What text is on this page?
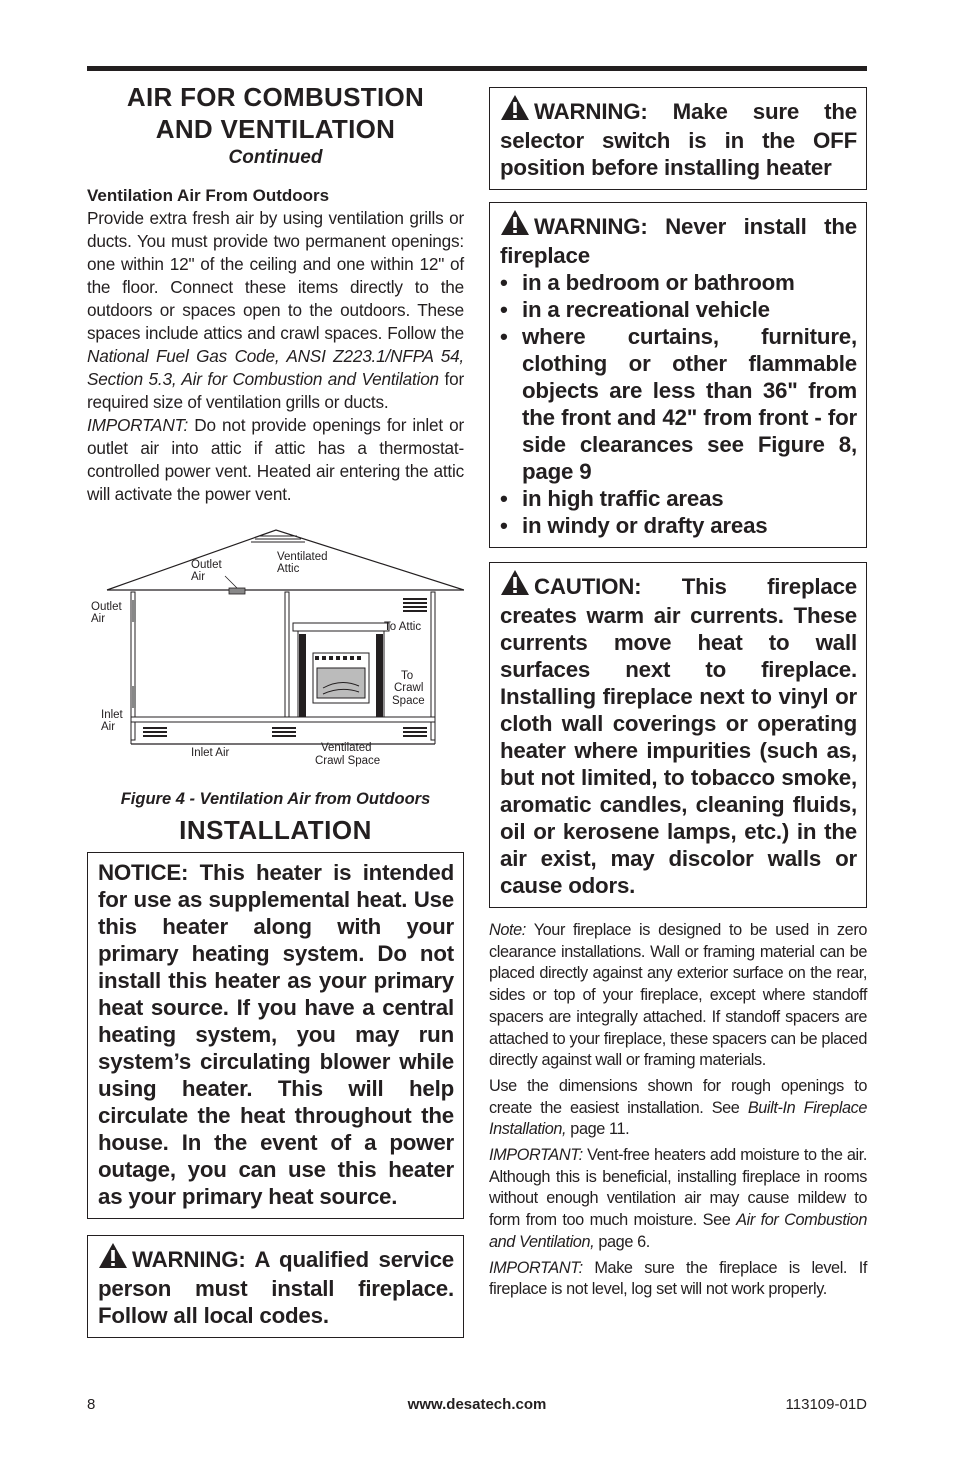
AIR FOR COMBUSTION
AND VENTILATION
Continued
Ventilation Air From Outdoors

Provide extra fresh air by using ventilation grills or ducts. You must provide two permanent openings: one within 12" of the ceiling and one within 12" of the floor. Connect these items directly to the outdoors or spaces open to the outdoors. These spaces include attics and crawl spaces. Follow the National Fuel Gas Code, ANSI Z223.1/NFPA 54, Section 5.3, Air for Combustion and Ventilation for required size of ventilation grills or ducts.

IMPORTANT: Do not provide openings for inlet or outlet air into attic if attic has a thermostat-controlled power vent. Heated air entering the attic will activate the power vent.

Outlet
Air
Ventilated
Attic
Outlet
Air
To Attic
To
Crawl
Space
Inlet
Air
Inlet Air	Ventilated
Crawl Space
Figure 4 - Ventilation Air from Outdoors
INSTALLATION
NOTICE: This heater is intended for use as supplemental heat. Use this heater along with your primary heating system. Do not install this heater as your primary heat source. If you have a central heating system, you may run system’s circulating blower while using heater. This will help circulate the heat throughout the house. In the event of a power outage, you can use this heater as your primary heat source.
WARNING: A qualified service person must install fireplace. Follow all local codes.
WARNING: Make sure the selector switch is in the OFF position before installing heater
WARNING: Never install the fireplace
• in a bedroom or bathroom
• in a recreational vehicle
• where curtains, furniture, clothing or other flammable objects are less than 36" from the front and 42" from front - for side clearances see Figure 8, page 9
• in high traffic areas
• in windy or drafty areas
CAUTION: This fireplace creates warm air currents. These currents move heat to wall surfaces next to fireplace. Installing fireplace next to vinyl or cloth wall coverings or operating heater where impurities (such as, but not limited, to tobacco smoke, aromatic candles, cleaning fluids, oil or kerosene lamps, etc.) in the air exist, may discolor walls or cause odors.

Note: Your fireplace is designed to be used in zero clearance installations. Wall or framing material can be placed directly against any exterior surface on the rear, sides or top of your fireplace, except where standoff spacers are integrally attached. If standoff spacers are attached to your fireplace, these spacers can be placed directly against wall or framing materials.

Use the dimensions shown for rough openings to create the easiest installation. See Built-In Fireplace Installation, page 11.

IMPORTANT: Vent-free heaters add moisture to the air. Although this is beneficial, installing fireplace in rooms without enough ventilation air may cause mildew to form from too much moisture. See Air for Combustion and Ventilation, page 6.

IMPORTANT: Make sure the fireplace is level. If fireplace is not level, log set will not work properly.

8	www.desatech.com	113109-01D
